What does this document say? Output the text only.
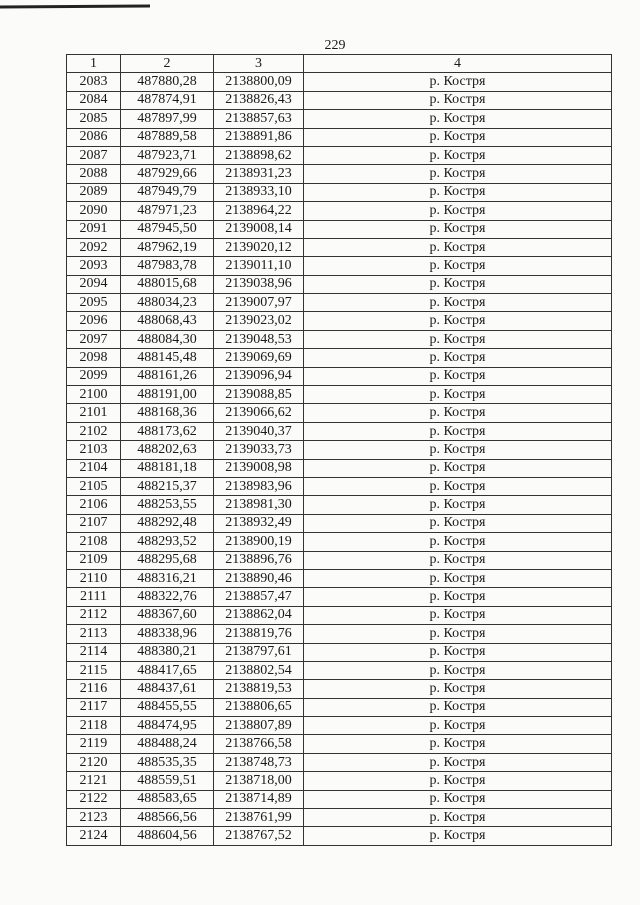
229
1	2	3	4
2083	487880,28	2138800,09	р. Костря
2084	487874,91	2138826,43	р. Костря
2085	487897,99	2138857,63	р. Костря
2086	487889,58	2138891,86	р. Костря
2087	487923,71	2138898,62	р. Костря
2088	487929,66	2138931,23	р. Костря
2089	487949,79	2138933,10	р. Костря
2090	487971,23	2138964,22	р. Костря
2091	487945,50	2139008,14	р. Костря
2092	487962,19	2139020,12	р. Костря
2093	487983,78	2139011,10	р. Костря
2094	488015,68	2139038,96	р. Костря
2095	488034,23	2139007,97	р. Костря
2096	488068,43	2139023,02	р. Костря
2097	488084,30	2139048,53	р. Костря
2098	488145,48	2139069,69	р. Костря
2099	488161,26	2139096,94	р. Костря
2100	488191,00	2139088,85	р. Костря
2101	488168,36	2139066,62	р. Костря
2102	488173,62	2139040,37	р. Костря
2103	488202,63	2139033,73	р. Костря
2104	488181,18	2139008,98	р. Костря
2105	488215,37	2138983,96	р. Костря
2106	488253,55	2138981,30	р. Костря
2107	488292,48	2138932,49	р. Костря
2108	488293,52	2138900,19	р. Костря
2109	488295,68	2138896,76	р. Костря
2110	488316,21	2138890,46	р. Костря
2111	488322,76	2138857,47	р. Костря
2112	488367,60	2138862,04	р. Костря
2113	488338,96	2138819,76	р. Костря
2114	488380,21	2138797,61	р. Костря
2115	488417,65	2138802,54	р. Костря
2116	488437,61	2138819,53	р. Костря
2117	488455,55	2138806,65	р. Костря
2118	488474,95	2138807,89	р. Костря
2119	488488,24	2138766,58	р. Костря
2120	488535,35	2138748,73	р. Костря
2121	488559,51	2138718,00	р. Костря
2122	488583,65	2138714,89	р. Костря
2123	488566,56	2138761,99	р. Костря
2124	488604,56	2138767,52	р. Костря
